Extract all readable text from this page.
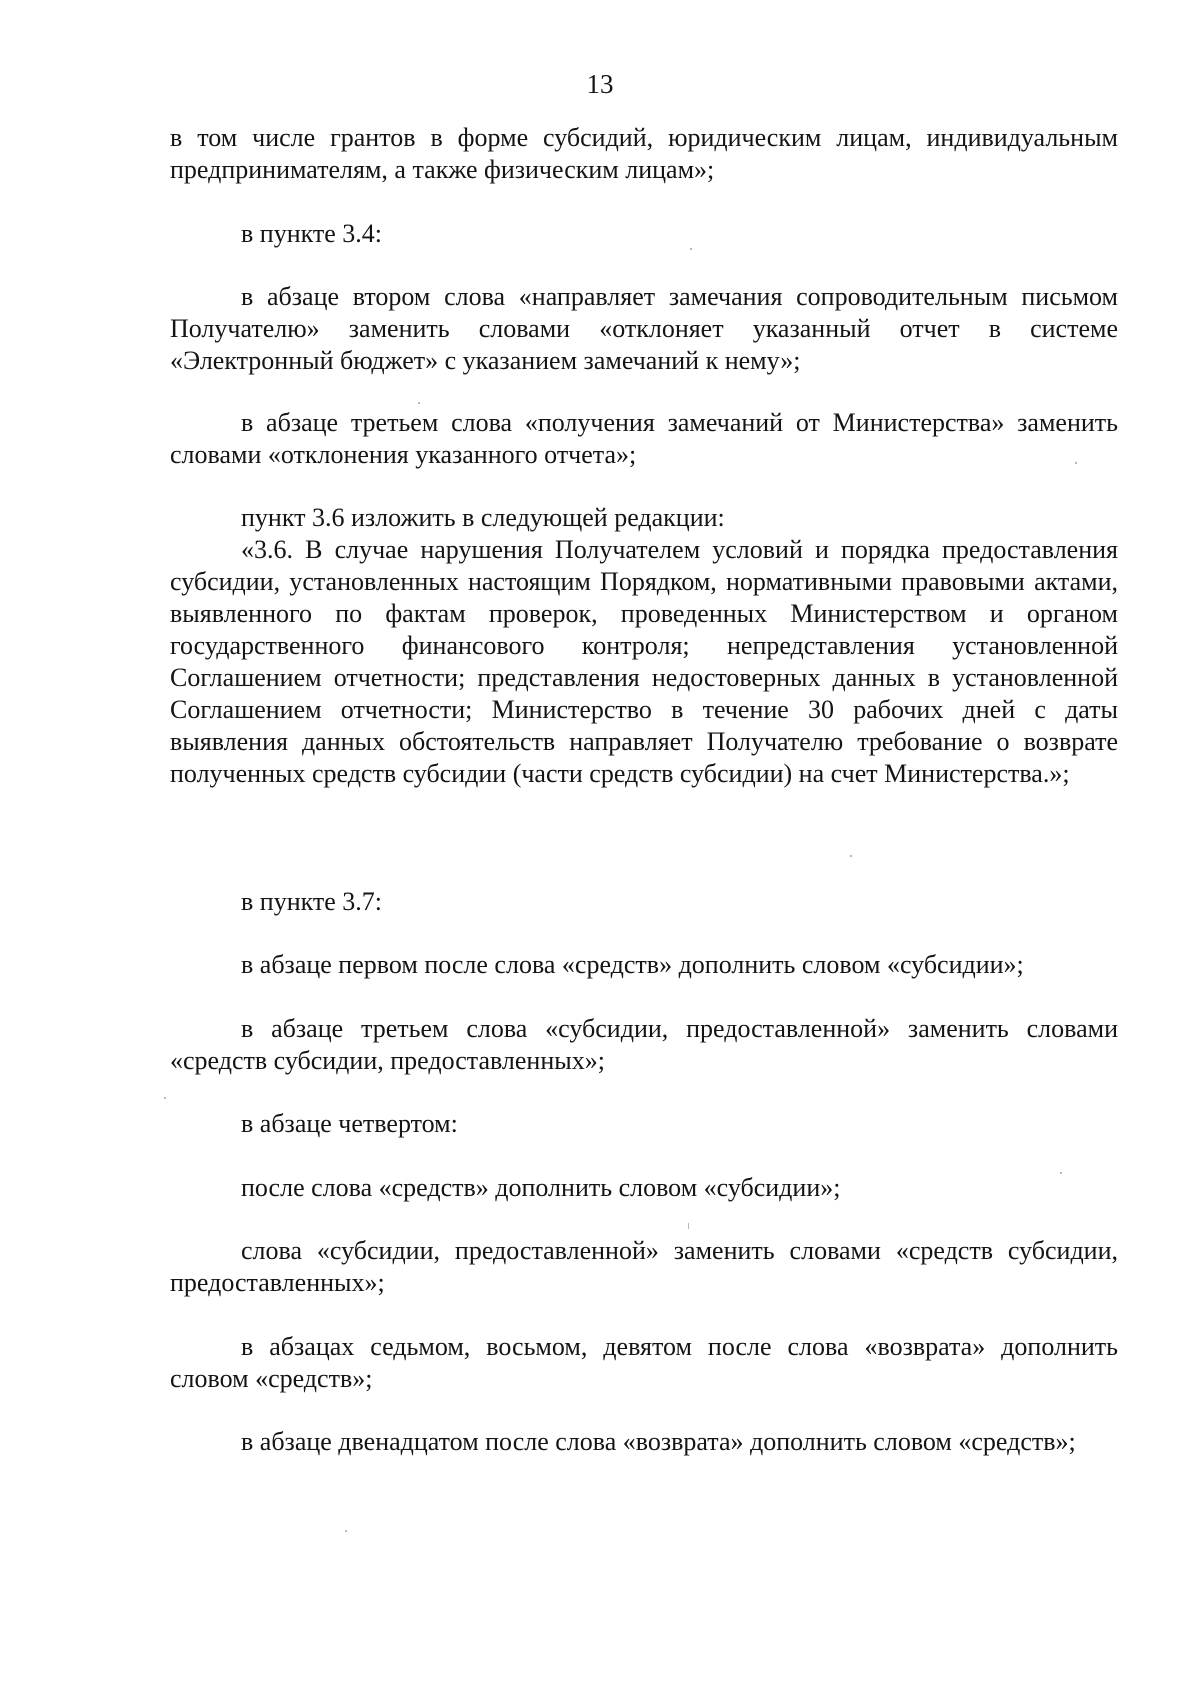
13

в том числе грантов в форме субсидий, юридическим лицам, индивидуальным предпринимателям, а также физическим лицам»;

в пункте 3.4:

в абзаце втором слова «направляет замечания сопроводительным письмом Получателю» заменить словами «отклоняет указанный отчет в системе «Электронный бюджет» с указанием замечаний к нему»;

в абзаце третьем слова «получения замечаний от Министерства» заменить словами «отклонения указанного отчета»;

пункт 3.6 изложить в следующей редакции:

«3.6. В случае нарушения Получателем условий и порядка предоставления субсидии, установленных настоящим Порядком, нормативными правовыми актами, выявленного по фактам проверок, проведенных Министерством и органом государственного финансового контроля; непредставления установленной Соглашением отчетности; представления недостоверных данных в установленной Соглашением отчетности; Министерство в течение 30 рабочих дней с даты выявления данных обстоятельств направляет Получателю требование о возврате полученных средств субсидии (части средств субсидии) на счет Министерства.»;

в пункте 3.7:

в абзаце первом после слова «средств» дополнить словом «субсидии»;

в абзаце третьем слова «субсидии, предоставленной» заменить словами «средств субсидии, предоставленных»;

в абзаце четвертом:

после слова «средств» дополнить словом «субсидии»;

слова «субсидии, предоставленной» заменить словами «средств субсидии, предоставленных»;

в абзацах седьмом, восьмом, девятом после слова «возврата» дополнить словом «средств»;

в абзаце двенадцатом после слова «возврата» дополнить словом «средств»;
